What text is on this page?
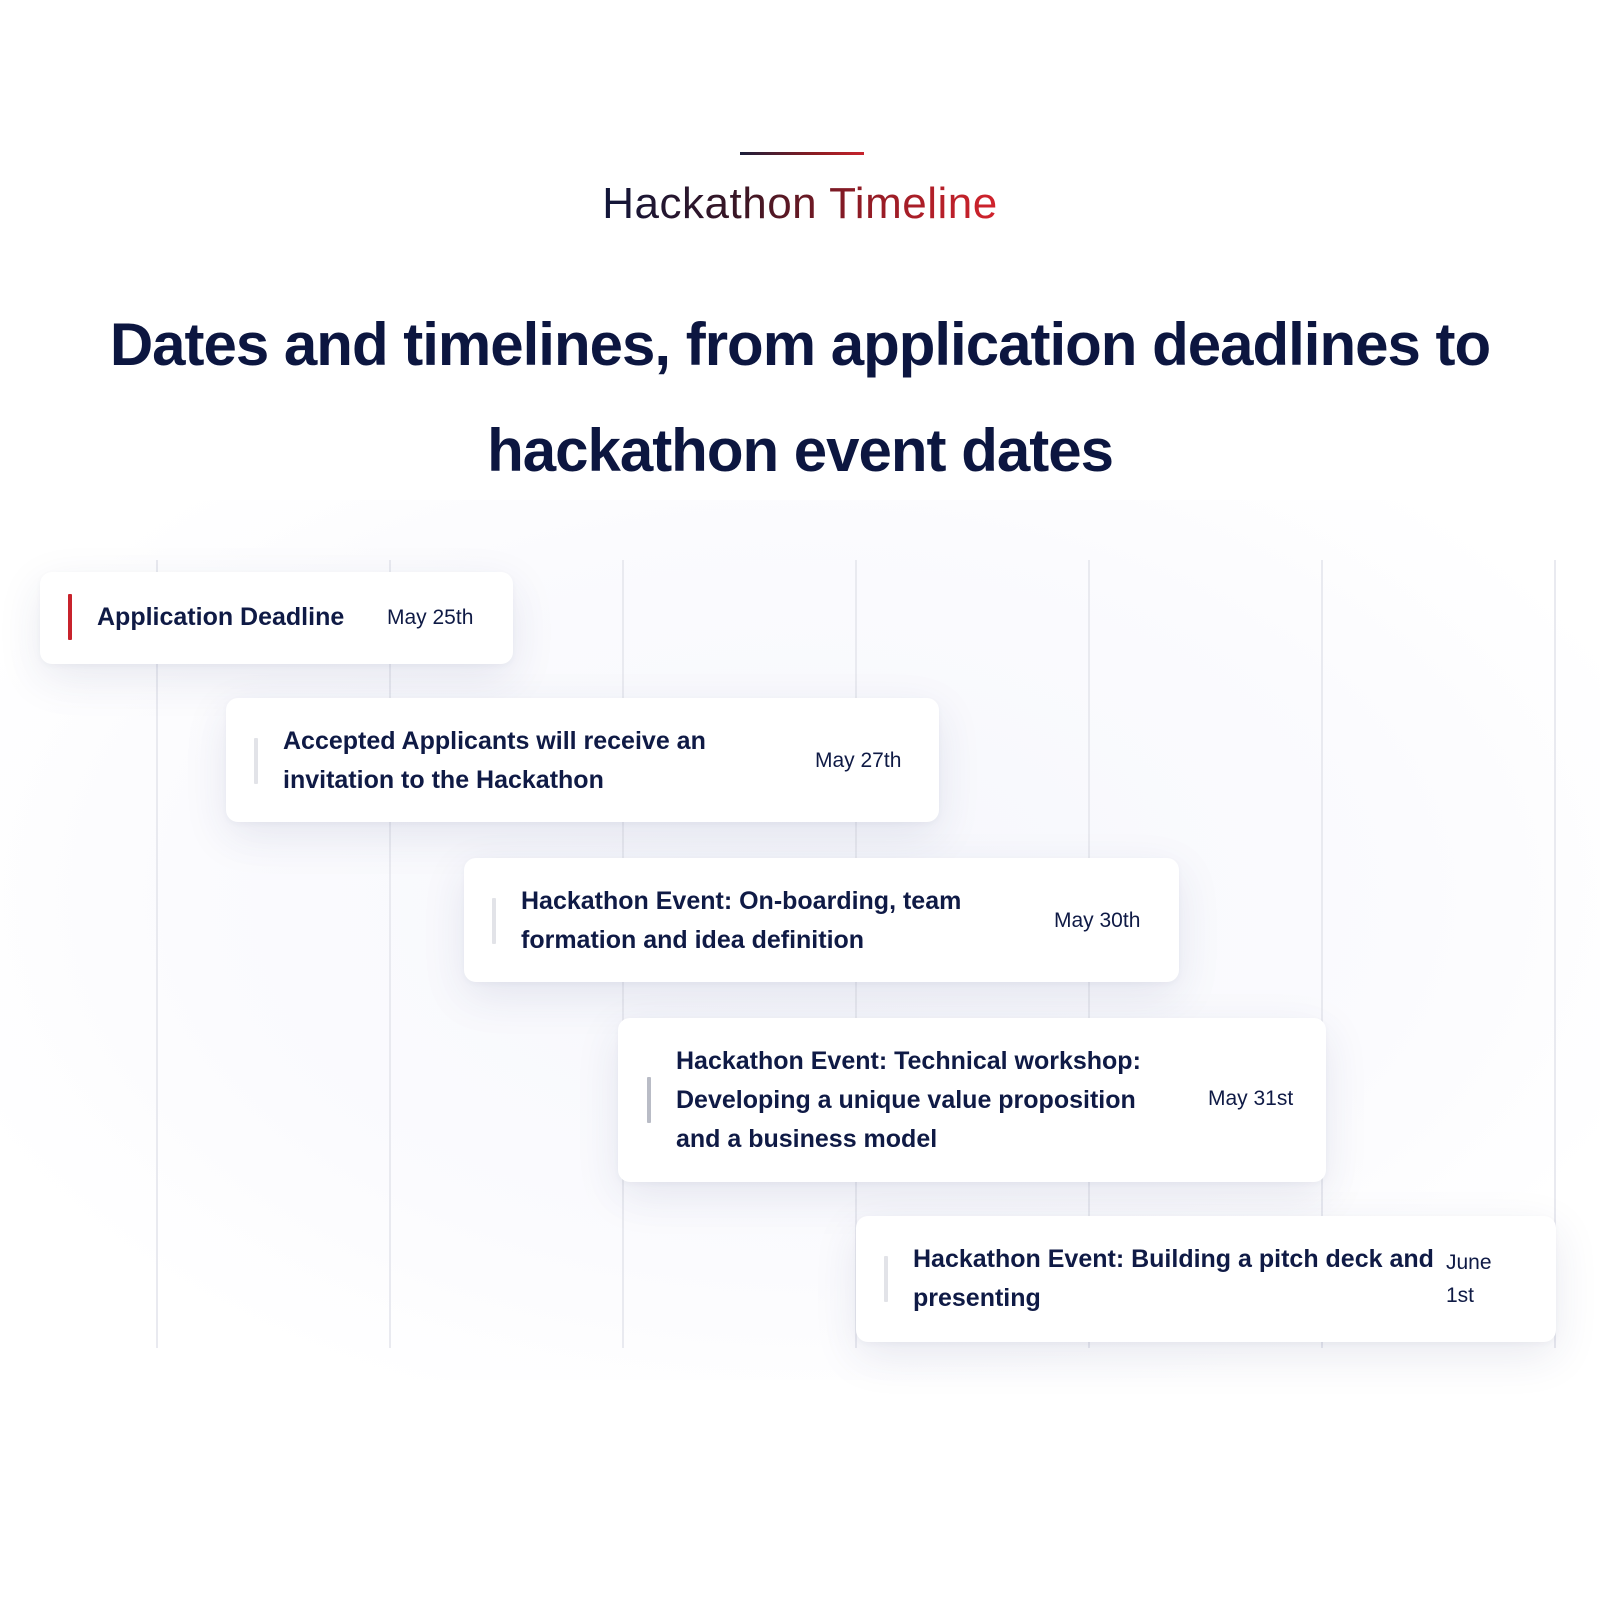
Hackathon Timeline
Dates and timelines, from application deadlines to hackathon event dates
Application Deadline	May 25th
Accepted Applicants will receive an invitation to the Hackathon
May 27th
Hackathon Event: On-boarding, team formation and idea definition
May 30th
Hackathon Event: Technical workshop: Developing a unique value proposition and a business model
May 31st
Hackathon Event: Building a pitch deck and presenting
June 1st
